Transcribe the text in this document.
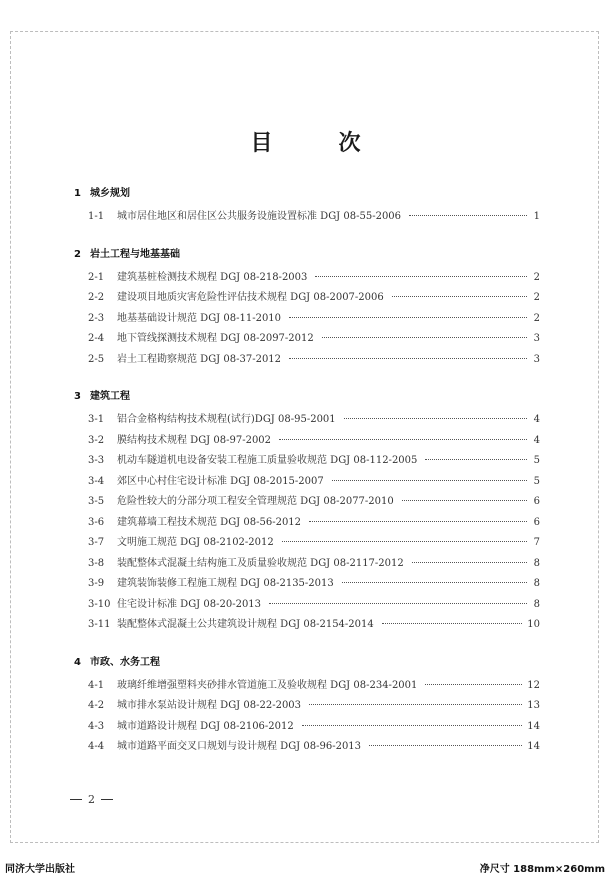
目　次
1 城乡规划
1-1	城市居住地区和居住区公共服务设施设置标准 DGJ 08-55-2006	1
2 岩土工程与地基基础
2-1	建筑基桩检测技术规程 DGJ 08-218-2003	2
2-2	建设项目地质灾害危险性评估技术规程 DGJ 08-2007-2006	2
2-3	地基基础设计规范 DGJ 08-11-2010	2
2-4	地下管线探测技术规程 DGJ 08-2097-2012	3
2-5	岩土工程勘察规范 DGJ 08-37-2012	3
3 建筑工程
3-1	铝合金格构结构技术规程(试行)DGJ 08-95-2001	4
3-2	膜结构技术规程 DGJ 08-97-2002	4
3-3	机动车隧道机电设备安装工程施工质量验收规范 DGJ 08-112-2005	5
3-4	郊区中心村住宅设计标准 DGJ 08-2015-2007	5
3-5	危险性较大的分部分项工程安全管理规范 DGJ 08-2077-2010	6
3-6	建筑幕墙工程技术规范 DGJ 08-56-2012	6
3-7	文明施工规范 DGJ 08-2102-2012	7
3-8	装配整体式混凝土结构施工及质量验收规范 DGJ 08-2117-2012	8
3-9	建筑装饰装修工程施工规程 DGJ 08-2135-2013	8
3-10 住宅设计标准 DGJ 08-20-2013	8
3-11 装配整体式混凝土公共建筑设计规程 DGJ 08-2154-2014	10
4 市政、水务工程
4-1	玻璃纤维增强塑料夹砂排水管道施工及验收规程 DGJ 08-234-2001	12
4-2	城市排水泵站设计规程 DGJ 08-22-2003	13
4-3	城市道路设计规程 DGJ 08-2106-2012	14
4-4	城市道路平面交叉口规划与设计规程 DGJ 08-96-2013	14
2
同济大学出版社	净尺寸 188mm×260mm
